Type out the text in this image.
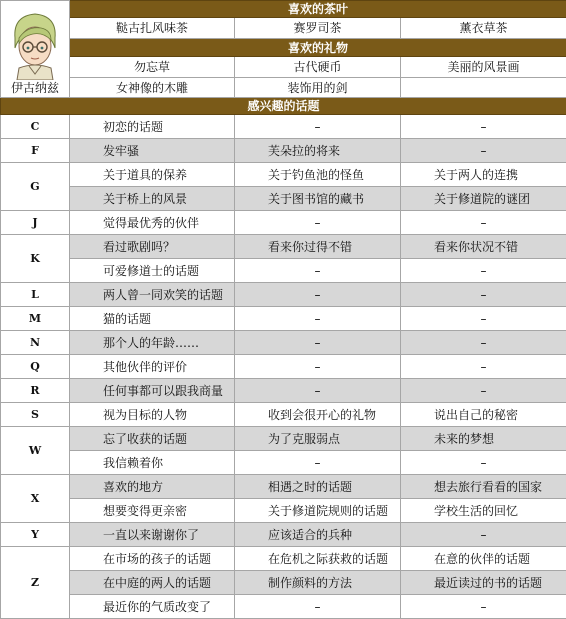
伊古纳兹	喜欢的茶叶		
	鞑古扎风味茶	赛罗司茶	薰衣草茶
	喜欢的礼物		
	勿忘草	古代硬币	美丽的风景画
	女神像的木雕	装饰用的剑	
感兴趣的话题			
C	初恋的话题	–	–
F	发牢骚	芙朵拉的将来	–
G	关于道具的保养	关于钓鱼池的怪鱼	关于两人的连携
	关于桥上的风景	关于图书馆的藏书	关于修道院的谜团
J	觉得最优秀的伙伴	–	–
K	看过歌剧吗？	看来你过得不错	看来你状况不错
	可爱修道士的话题	–	–
L	两人曾一同欢笑的话题	–	–
M	猫的话题	–	–
N	那个人的年龄……	–	–
Q	其他伙伴的评价	–	–
R	任何事都可以跟我商量	–	–
S	视为目标的人物	收到会很开心的礼物	说出自己的秘密
W	忘了收获的话题	为了克服弱点	未来的梦想
	我信赖着你	–	–
X	喜欢的地方	相遇之时的话题	想去旅行看看的国家
	想要变得更亲密	关于修道院规则的话题	学校生活的回忆
Y	一直以来谢谢你了	应该适合的兵种	–
Z	在市场的孩子的话题	在危机之际获救的话题	在意的伙伴的话题
	在中庭的两人的话题	制作颜料的方法	最近读过的书的话题
	最近你的气质改变了	–	–
